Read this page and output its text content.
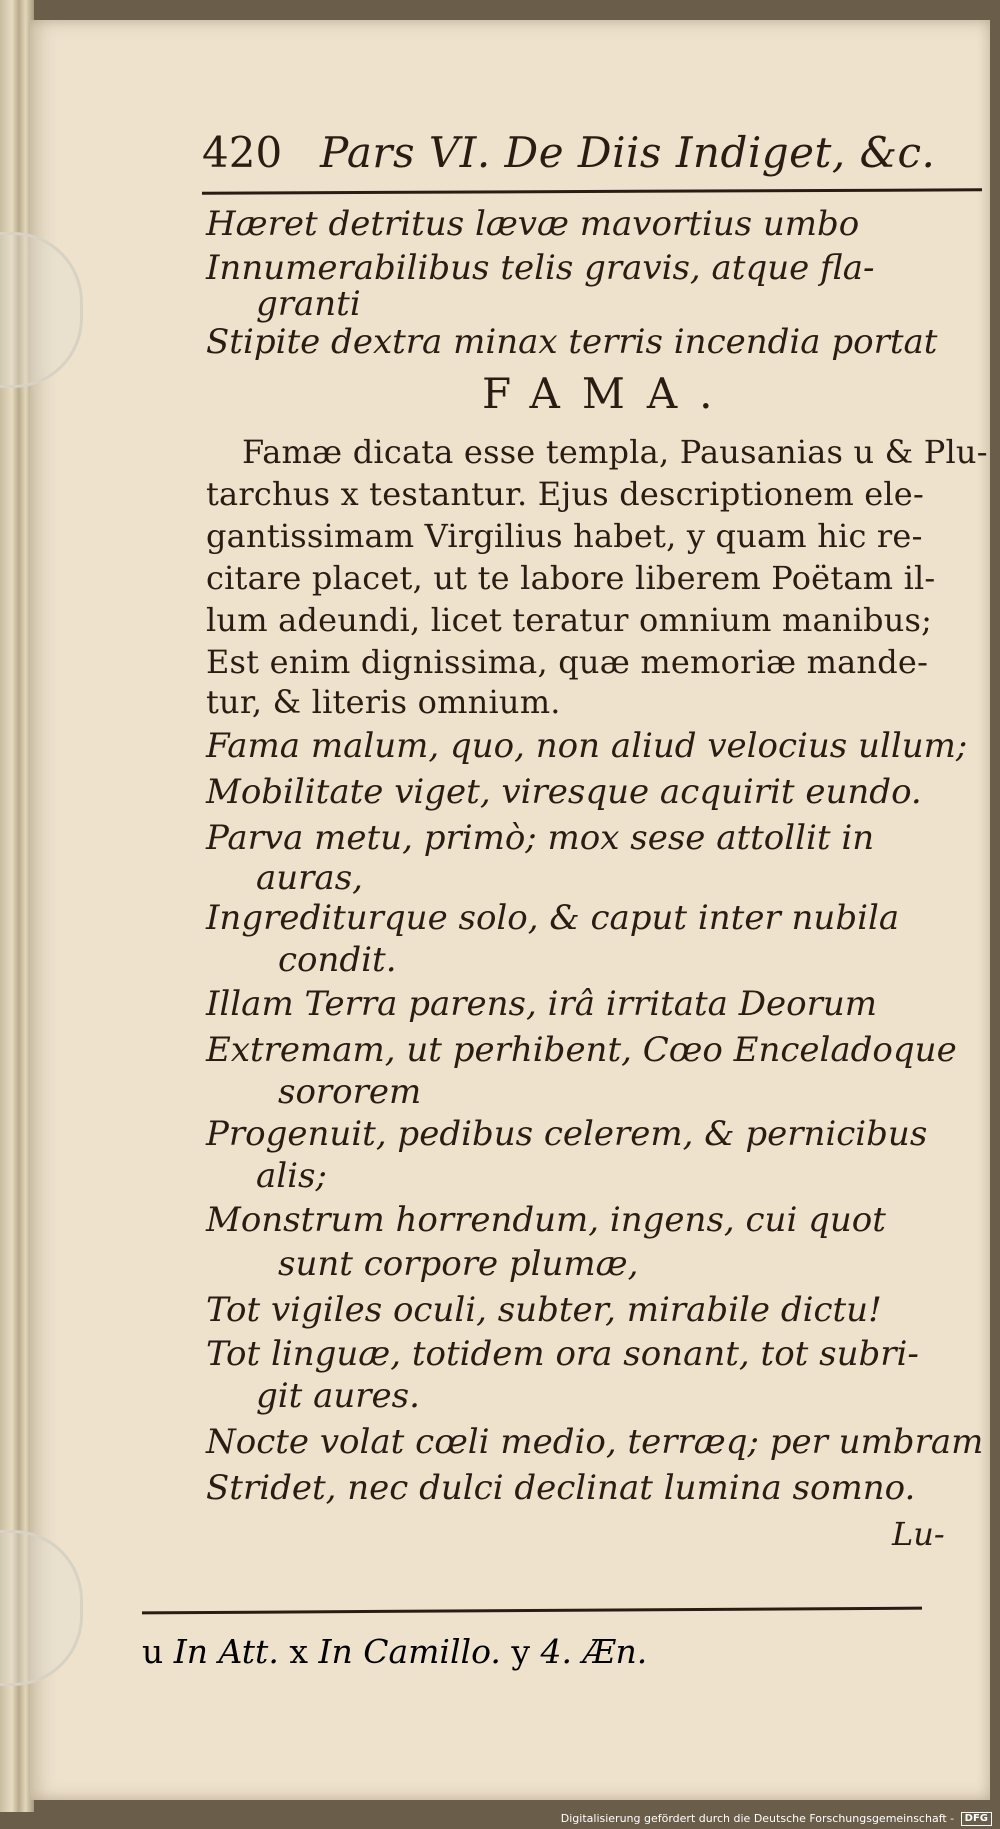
420 Pars VI. De Diis Indiget, &c.
Hæret detritus lævæ mavortius umbo
Innumerabilibus telis gravis, atque fla-
granti
Stipite dextra minax terris incendia portat
FAMA.
Famæ dicata esse templa, Pausanias u & Plu-
tarchus x testantur. Ejus descriptionem ele-
gantissimam Virgilius habet, y quam hic re-
citare placet, ut te labore liberem Poëtam il-
lum adeundi, licet teratur omnium manibus;
Est enim dignissima, quæ memoriæ mande-
tur, & literis omnium.
Fama malum, quo, non aliud velocius ullum;
Mobilitate viget, viresque acquirit eundo.
Parva metu, primò; mox sese attollit in
auras,
Ingrediturque solo, & caput inter nubila
condit.
Illam Terra parens, irâ irritata Deorum
Extremam, ut perhibent, Cœo Enceladoque
sororem
Progenuit, pedibus celerem, & pernicibus
alis;
Monstrum horrendum, ingens, cui quot
sunt corpore plumæ,
Tot vigiles oculi, subter, mirabile dictu!
Tot linguæ, totidem ora sonant, tot subri-
git aures.
Nocte volat cœli medio, terræq; per umbram
Stridet, nec dulci declinat lumina somno.
Lu-
u In Att. x In Camillo. y 4. Æn.
Digitalisierung gefördert durch die Deutsche Forschungsgemeinschaft - DFG
